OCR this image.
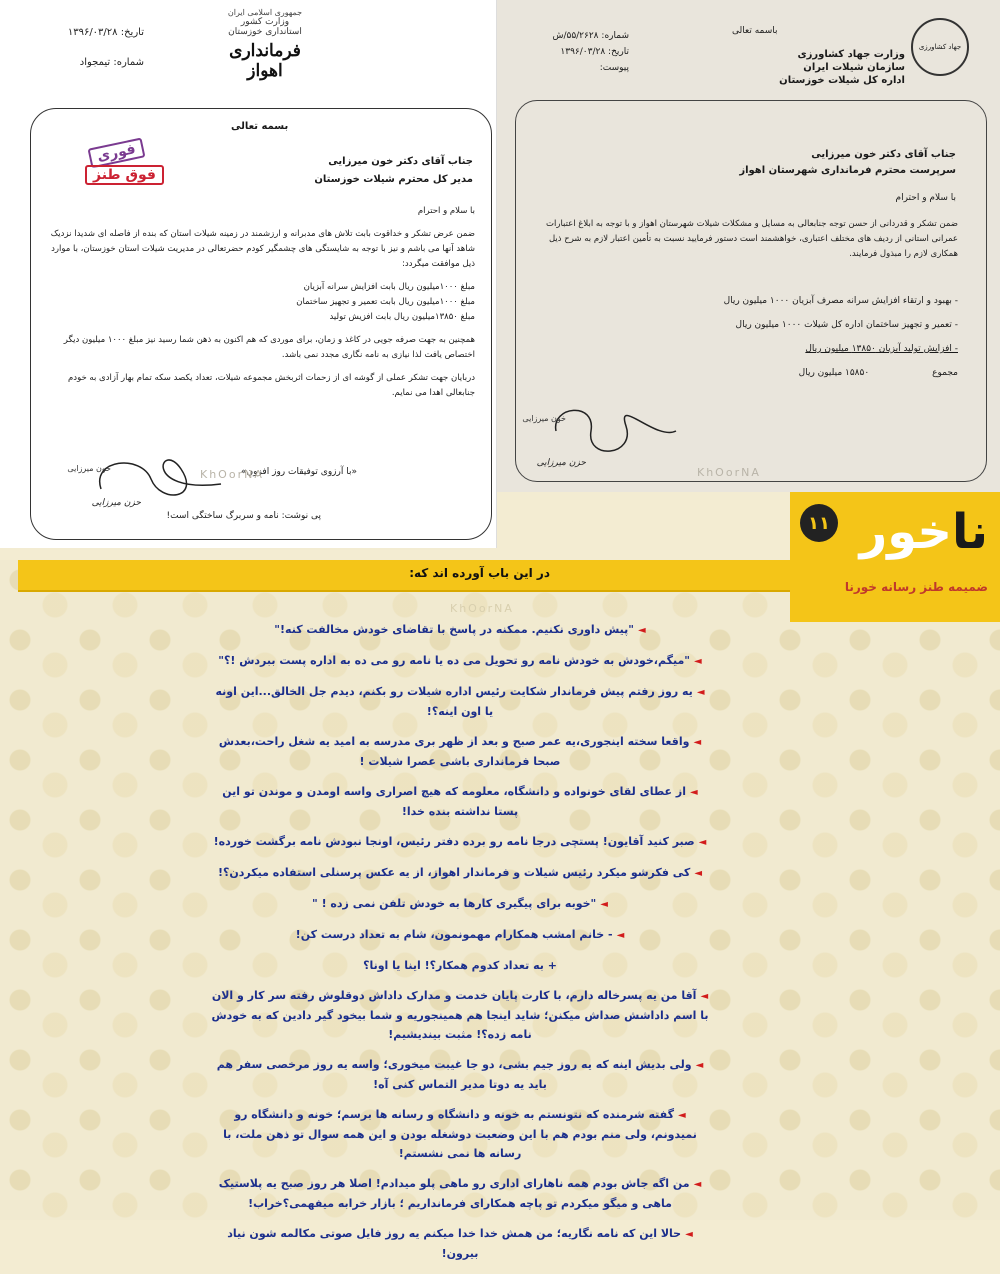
جمهوری اسلامی ایران
وزارت کشور
استانداری خوزستان
فرمانداری اهواز
تاریخ: ۱۳۹۶/۰۳/۲۸
شماره: تیمجواد
بسمه تعالی
فوری
فوق طنز
جناب آقای دکتر خون میرزایی
مدیر کل محترم شیلات خوزستان

با سلام و احترام

ضمن عرض تشکر و خداقوت بابت تلاش های مدبرانه و ارزشمند در زمینه شیلات استان که بنده از فاصله ای شدیدا نزدیک شاهد آنها می باشم و نیز با توجه به شایستگی های چشمگیر کودم حضرتعالی در مدیریت شیلات استان خوزستان، با موارد ذیل موافقت میگردد:

مبلغ ۱۰۰۰میلیون ریال بابت افزایش سرانه آبزیان

مبلغ ۱۰۰۰میلیون ریال بابت تعمیر و تجهیز ساختمان

مبلغ ۱۳۸۵۰میلیون ریال بابت افزیش تولید

همچنین به جهت صرفه جویی در کاغذ و زمان، برای موردی که هم اکنون به ذهن شما رسید نیز مبلغ ۱۰۰۰ میلیون دیگر اختصاص یافت لذا نیازی به نامه نگاری مجدد نمی باشد.

دربایان جهت تشکر عملی از گوشه ای از زحمات اثربخش مجموعه شیلات، تعداد یکصد سکه تمام بهار آزادی به خودم جنابعالی اهدا می نمایم.

خون میرزایی
حزن میرزایی
«با آرزوی توفیقات روز افزون»
پی نوشت: نامه و سربرگ ساختگی است!
KhOorNA
جهاد کشاورزی
وزارت جهاد کشاورزی
سازمان شیلات ایران
اداره کل شیلات خوزستان
باسمه تعالی
شماره: ۵۵/۲۶۲۸/ش
تاریخ: ۱۳۹۶/۰۳/۲۸
پیوست:
جناب آقای دکتر خون میرزایی
سرپرست محترم فرمانداری شهرستان اهواز
با سلام و احترام
ضمن تشکر و قدردانی از حسن توجه جنابعالی به مسایل و مشکلات شیلات شهرستان اهواز و با توجه به ابلاغ اعتبارات عمرانی استانی از ردیف های مختلف اعتباری، خواهشمند است دستور فرمایید نسبت به تأمین اعتبار لازم به شرح ذیل همکاری لازم را مبذول فرمایند.
- بهبود و ارتقاء افزایش سرانه مصرف آبزیان ۱۰۰۰ میلیون ریال
- تعمیر و تجهیز ساختمان اداره کل شیلات ۱۰۰۰ میلیون ریال
- افزایش تولید آبزیان ۱۳۸۵۰ میلیون ریال
مجموع                      ۱۵۸۵۰ میلیون ریال
خون میرزایی
حزن میرزایی
KhOorNA
۱۱	ناخور
ضمیمه طنز رسانه خورنا
در این باب آورده اند که:
KhOorNA
◄"پیش داوری نکنیم. ممکنه در پاسخ با تقاضای خودش مخالفت کنه!"
◄"میگم،خودش به خودش نامه رو تحویل می ده یا نامه رو می ده به اداره پست ببردش !؟"
◄یه روز رفتم پیش فرماندار شکایت رئیس اداره شیلات رو بکنم، دیدم جل الخالق...این اونه یا اون اینه؟!
◄واقعا سخته اینجوری،یه عمر صبح و بعد از ظهر بری مدرسه به امید یه شغل راحت،بعدش صبحا فرمانداری باشی عصرا شیلات !
◄از عطای لقای خونواده و دانشگاه، معلومه که هیچ اصراری واسه اومدن و موندن تو این پستا نداشته بنده خدا!
◄صبر کنید آقایون! پستچی درجا نامه رو برده دفتر رئیس، اونجا نبودش نامه برگشت خورده!
◄کی فکرشو میکرد رئیس شیلات و فرماندار اهواز، از یه عکس پرسنلی استفاده میکردن؟!
◄"خوبه برای پیگیری کارها به خودش تلفن نمی زده ! "
◄- خانم امشب همکارام مهمونمون، شام به تعداد درست کن!
+ به تعداد کدوم همکار؟! اینا یا اونا؟
◄آقا من یه پسرخاله دارم، با کارت پایان خدمت و مدارک داداش دوقلوش رفته سر کار و الان با اسم داداشش صداش میکنن؛ شاید اینجا هم همینجوریه و شما بیخود گیر دادین که به خودش نامه زده؟! مثبت بیندیشیم!
◄ولی بدیش اینه که یه روز جیم بشی، دو جا غیبت میخوری؛ واسه یه روز مرخصی سفر هم باید یه دوتا مدیر التماس کنی آه!
◄گفته شرمنده که نتونستم به خونه و دانشگاه و رسانه ها برسم؛ خونه و دانشگاه رو نمیدونم، ولی منم بودم هم با این وضعیت دوشغله بودن و این همه سوال تو ذهن ملت، با رسانه ها نمی نشستم!
◄من اگه جاش بودم همه ناهارای اداری رو ماهی پلو میدادم! اصلا هر روز صبح یه پلاستیک ماهی و میگو میکردم تو پاچه همکارای فرمانداریم ؛ بازار خرابه میفهمی؟خراب!
◄حالا این که نامه نگاریه؛ من همش خدا خدا میکنم یه روز فایل صوتی مکالمه شون نیاد بیرون!
